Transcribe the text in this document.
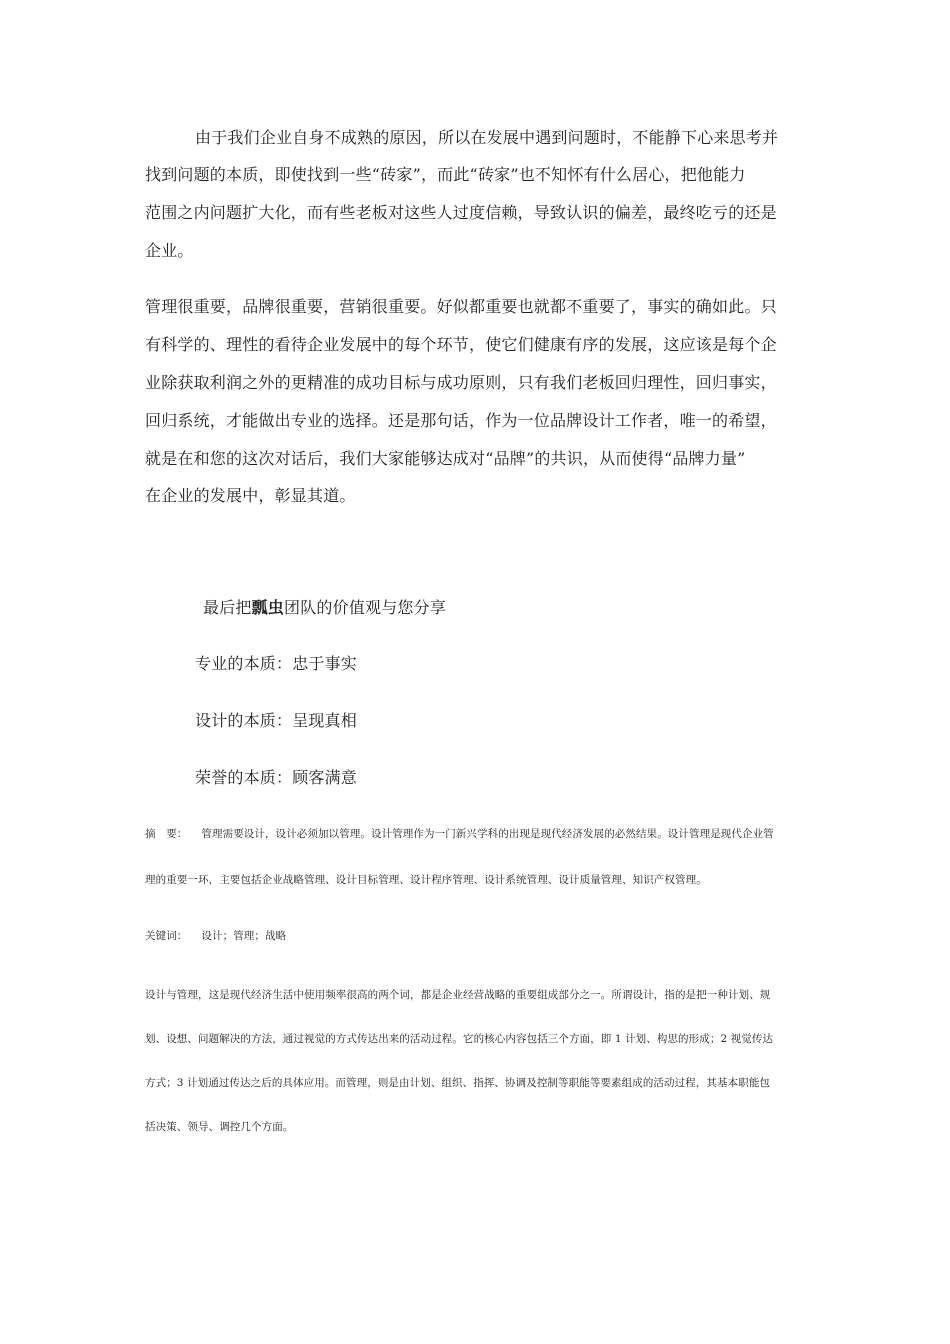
由于我们企业自身不成熟的原因，所以在发展中遇到问题时，不能静下心来思考并
找到问题的本质，即使找到一些“砖家”，而此“砖家”也不知怀有什么居心，把他能力
范围之内问题扩大化，而有些老板对这些人过度信赖，导致认识的偏差，最终吃亏的还是
企业。
管理很重要，品牌很重要，营销很重要。好似都重要也就都不重要了，事实的确如此。只
有科学的、理性的看待企业发展中的每个环节，使它们健康有序的发展，这应该是每个企
业除获取利润之外的更精准的成功目标与成功原则，只有我们老板回归理性，回归事实，
回归系统，才能做出专业的选择。还是那句话，作为一位品牌设计工作者，唯一的希望，
就是在和您的这次对话后，我们大家能够达成对“品牌”的共识，从而使得“品牌力量”
在企业的发展中，彰显其道。
最后把瓢虫团队的价值观与您分享
专业的本质：忠于事实
设计的本质：呈现真相
荣誉的本质：顾客满意
摘　要： 管理需要设计，设计必须加以管理。设计管理作为一门新兴学科的出现是现代经济发展的必然结果。设计管理是现代企业管
理的重要一环，主要包括企业战略管理、设计目标管理、设计程序管理、设计系统管理、设计质量管理、知识产权管理。
关键词： 设计；管理；战略
设计与管理，这是现代经济生活中使用频率很高的两个词，都是企业经营战略的重要组成部分之一。所谓设计，指的是把一种计划、规
划、设想、问题解决的方法，通过视觉的方式传达出来的活动过程。它的核心内容包括三个方面，即 1 计划、构思的形成；2 视觉传达
方式；3 计划通过传达之后的具体应用。而管理，则是由计划、组织、指挥、协调及控制等职能等要素组成的活动过程，其基本职能包
括决策、领导、调控几个方面。
